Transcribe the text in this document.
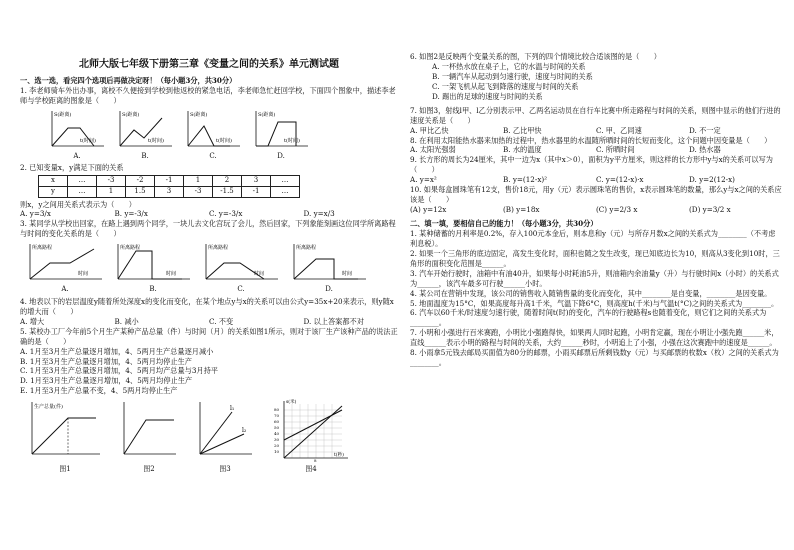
北师大版七年级下册第三章《变量之间的关系》单元测试题

一、选一选，看完四个选项后再做决定呀！（每小题3分，共30分）

1. 李老师骑车外出办事，离校不久便接到学校到他返校的紧急电话，李老师急忙赶回学校，下面四个图象中，描述李老师与学校距离的图象是（　　）

S(距离)
t(时间)
A.
S(距离)
t(时间)
B.
S(距离)
t(时间)
C.
S(距离)
t(时间)
D.

2. 已知变量x，y满足下面的关系

x	…	-3	-2	-1	1	2	3	…
y	…	1	1.5	3	-3	-1.5	-1	…

则x，y之间用关系式表示为（　　）

A. y=3/x	B. y=-3/x	C. y=-3/x	D. y=x/3

3. 某同学从学校出回家，在路上遇到两个同学，一块儿去文化宫玩了会儿，然后回家，下列象能刻画这位同学所离路程与时间的变化关系的是（　　）

所离路程
时间
A.
所离路程
时间
B.
所离路程
时间
C.
所离路程
时间
D.

4. 地表以下的岩层温度y随着所处深度x的变化而变化，在某个地点y与x的关系可以由公式y=35x+20来表示，则y随x的增大而（　　）

A. 增大	B. 减小	C. 不变	D. 以上答案都不对

5. 某校办工厂今年前5个月生产某种产品总量（件）与时间（月）的关系如图1所示，则对于该厂生产该种产品的说法正确的是（　　）

A. 1月至3月生产总量逐月增加，4、5两月生产总量逐月减小

B. 1月至3月生产总量逐月增加，4、5两月均停止生产

C. 1月至3月生产总量逐月增加，4、5两月均产总量与3月持平

D. 1月至3月生产总量逐月增加，4、5两月均停止生产

E. 1月至3月生产总量不变，4、5两月均停止生产

生产总量(件)
图1	图2
l₁
l₂
图3
s(米)
t(秒)
80
70
60
50
40
30
20
10
8
图4

6. 如图2是反映两个变量关系的图，下列的四个情境比较合适该图的是（　　）

A. 一杯热水放在桌子上，它的水温与时间的关系

B. 一辆汽车从起动到匀速行驶，速度与时间的关系

C. 一架飞机从起飞到降落的速度与时间的关系

D. 踢出的足球的速度与时间的关系

7. 如图3，射线l甲、l乙分别表示甲、乙两名运动员在自行车比赛中所走路程与时间的关系，则图中显示的他们行进的速度关系是（　　）

A. 甲比乙快	B. 乙比甲快	C. 甲、乙同速	D. 不一定

8. 在利用太阳能热水器来加热的过程中，热水器里的水温随所晒时间的长短而变化，这个问题中因变量是（　　）

A. 太阳光强弱	B. 水的温度	C. 所晒时间	D. 热水器

9. 长方形的周长为24厘米，其中一边为x（其中x＞0），面积为y平方厘米，则这样的长方形中y与x的关系可以写为（　　）

A. y=x²	B. y=(12-x)²	C. y=(12-x)·x	D. y=2(12-x)

10. 如果每盒圆珠笔有12支，售价18元，用y（元）表示圆珠笔的售价，x表示圆珠笔的数量，那么y与x之间的关系应该是（　　）

(A) y=12x	(B) y=18x	(C) y=2/3 x	(D) y=3/2 x

二、填一填，要相信自己的能力！（每小题3分，共30分）

1. 某种储蓄的月利率是0.2%，存入100元本金后，则本息和y（元）与所存月数x之间的关系式为________（不考虑利息税）。

2. 如果一个三角形的底边固定，高发生变化时，面积也随之发生改变，现已知底边长为10，则高从3变化到10时，三角形的面积变化范围是______。

3. 汽车开始行驶时，油箱中有油40升，如果每小时耗油5升，则油箱内余油量y（升）与行驶时间x（小时）的关系式为______，该汽车最多可行驶______小时。

4. 某公司在营销中发现，该公司的销售收入随销售量的变化而变化，其中________是自变量，________是因变量。

5. 地面温度为15°C，如果高度每升高1千米，气温下降6°C，则高度h(千米)与气温t(°C)之间的关系式为________。

6. 汽车以60千米/时速度匀速行驶，随着时间t(时)的变化，汽车的行驶路程s也随着变化，则它们之间的关系式为________。

7. 小明和小强进行百米赛跑，小明比小强跑得快，如果两人同时起跑，小明肯定赢，现在小明让小强先跑______米，直线______表示小明的路程与时间的关系，大约______秒时，小明追上了小强，小强在这次赛跑中的速度是______。

8. 小雨拿5元钱去邮局买面值为80分的邮票，小雨买邮票后所剩钱数y（元）与买邮票的枚数x（枚）之间的关系式为________。
